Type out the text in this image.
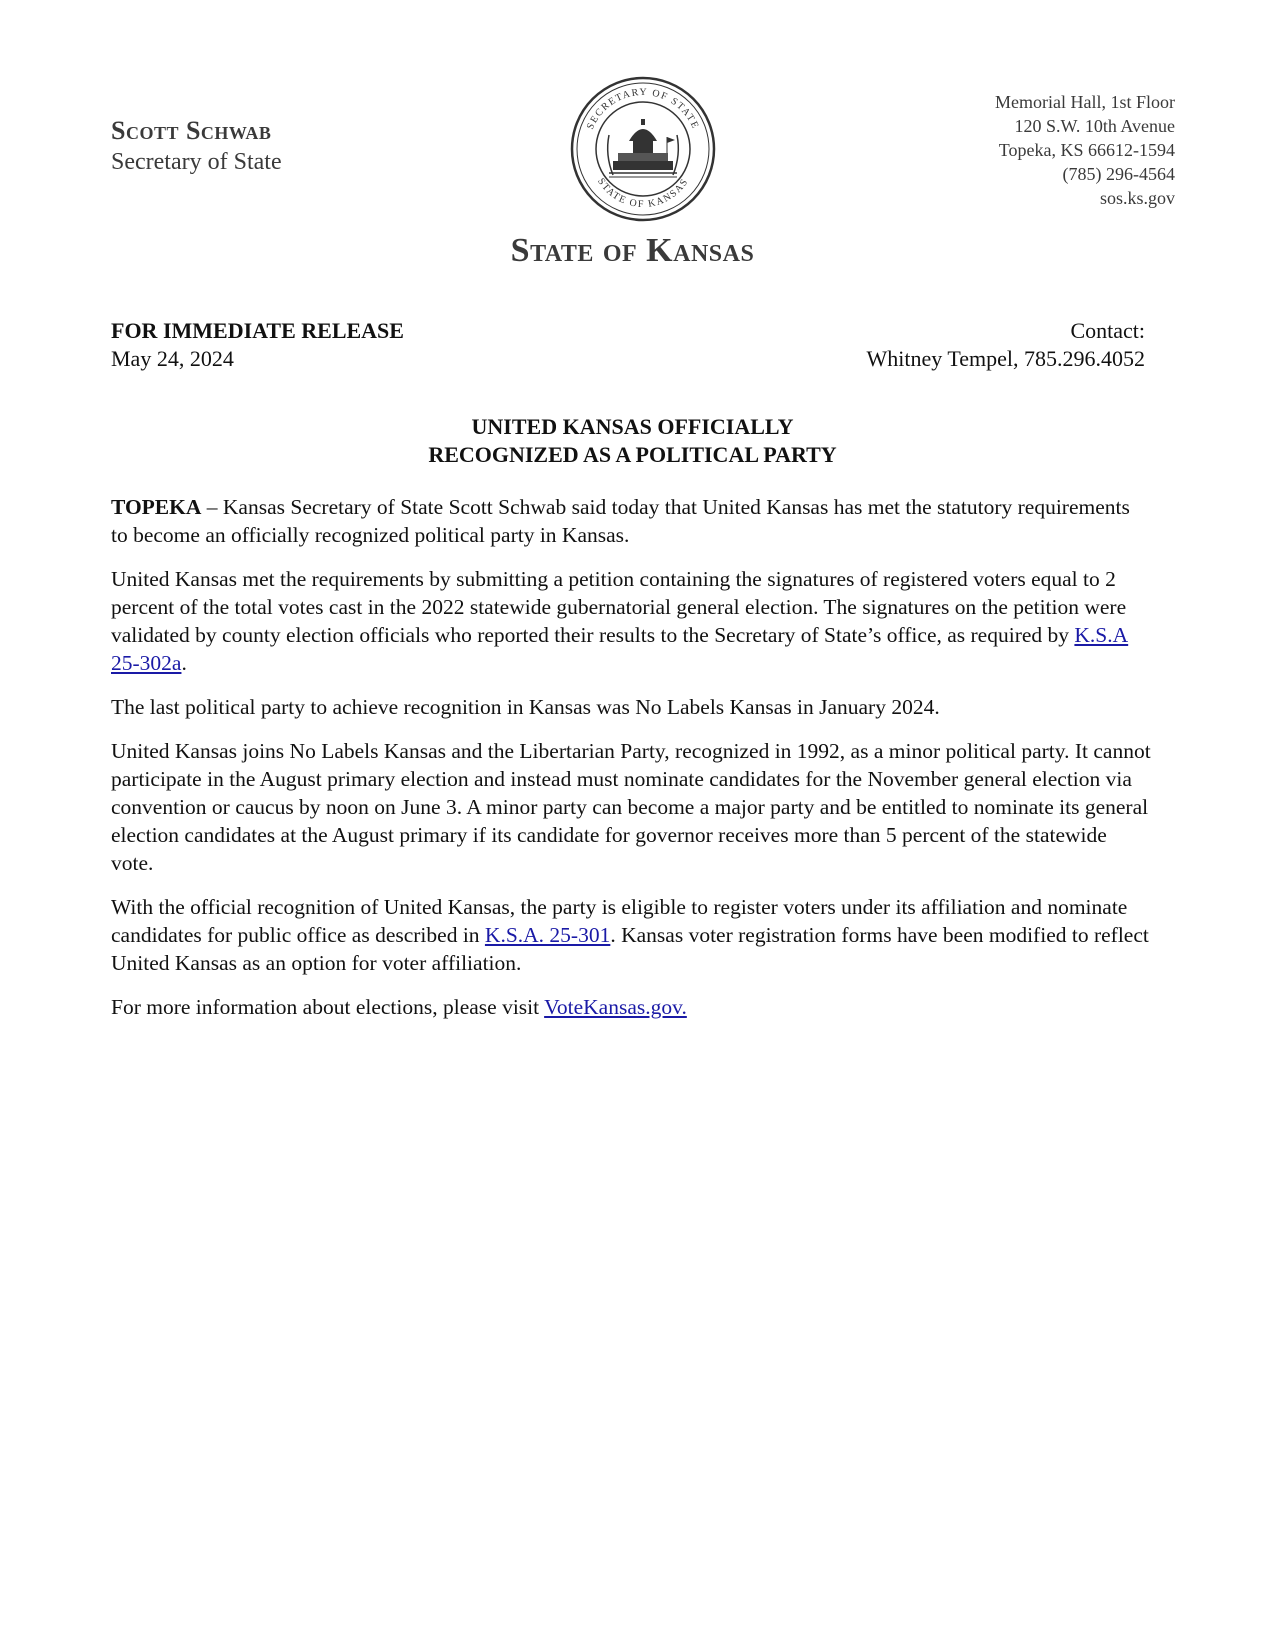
Scott Schwab
Secretary of State
SECRETARY OF STATE
STATE OF KANSAS
Memorial Hall, 1st Floor
120 S.W. 10th Avenue
Topeka, KS 66612-1594
(785) 296-4564
sos.ks.gov
State of Kansas
FOR IMMEDIATE RELEASE
May 24, 2024
Contact:
Whitney Tempel, 785.296.4052
UNITED KANSAS OFFICIALLY
RECOGNIZED AS A POLITICAL PARTY

TOPEKA – Kansas Secretary of State Scott Schwab said today that United Kansas has met the statutory requirements to become an officially recognized political party in Kansas.

United Kansas met the requirements by submitting a petition containing the signatures of registered voters equal to 2 percent of the total votes cast in the 2022 statewide gubernatorial general election. The signatures on the petition were validated by county election officials who reported their results to the Secretary of State’s office, as required by K.S.A 25-302a.

The last political party to achieve recognition in Kansas was No Labels Kansas in January 2024.

United Kansas joins No Labels Kansas and the Libertarian Party, recognized in 1992, as a minor political party. It cannot participate in the August primary election and instead must nominate candidates for the November general election via convention or caucus by noon on June 3. A minor party can become a major party and be entitled to nominate its general election candidates at the August primary if its candidate for governor receives more than 5 percent of the statewide vote.

With the official recognition of United Kansas, the party is eligible to register voters under its affiliation and nominate candidates for public office as described in K.S.A. 25-301. Kansas voter registration forms have been modified to reflect United Kansas as an option for voter affiliation.

For more information about elections, please visit VoteKansas.gov.
